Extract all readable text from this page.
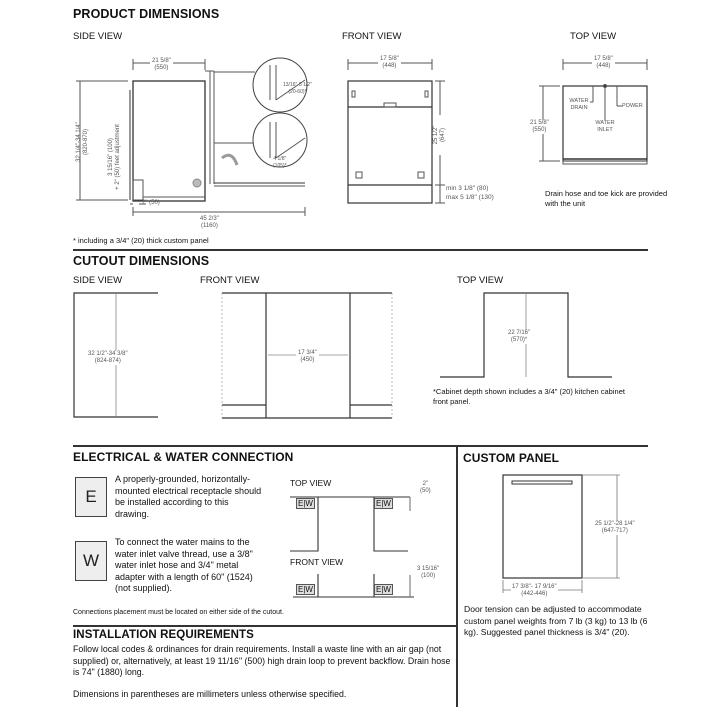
PRODUCT DIMENSIONS
SIDE VIEW	FRONT VIEW	TOP VIEW
21 5/8"
(550)
32 1/4"-34 1/4"
(820-870)	3 15/16" (100)
+ 2" (50) feet adjustment
2" (50)
45 2/3"
(1160)
13/16"-3 1/2"
(20-60)*
4 1/8"
(105)*
* including a 3/4" (20) thick custom panel
17 5/8"
(448)
25 1/2"
(647)
min 3 1/8" (80)
max 5 1/8" (130)
17 5/8"
(448)
21 5/8"
(550)
WATER DRAIN
WATER INLET
POWER
Drain hose and toe kick are provided with the unit
CUTOUT DIMENSIONS
SIDE VIEW	FRONT VIEW	TOP VIEW
32 1/2"-34 3/8"
(824-874)
17 3/4"
(450)
22 7/16"
(570)*
*Cabinet depth shown includes a 3/4" (20) kitchen cabinet front panel.
ELECTRICAL & WATER CONNECTION
E
A properly-grounded, horizontally-mounted electrical receptacle should be installed according to this drawing.
W
To connect the water mains to the water inlet valve thread, use a 3/8" water inlet hose and 3/4" metal adapter with a length of 60" (1524) (not supplied).
TOP VIEW
FRONT VIEW
E|W	E|W
E|W	E|W
2"
(50)
3 15/16"
(100)
Connections placement must be located on either side of the cutout.
CUSTOM PANEL
25 1/2"-28 1/4"
(647-717)
17 3/8"- 17 9/16"
(442-446)
Door tension can be adjusted to accommodate custom panel weights from 7 lb (3 kg) to 13 lb (6 kg). Suggested panel thickness is 3/4" (20).
INSTALLATION REQUIREMENTS
Follow local codes & ordinances for drain requirements. Install a waste line with an air gap (not supplied) or, alternatively, at least 19 11/16" (500) high drain loop to prevent backflow. Drain hose is 74" (1880) long.
Dimensions in parentheses are millimeters unless otherwise specified.
